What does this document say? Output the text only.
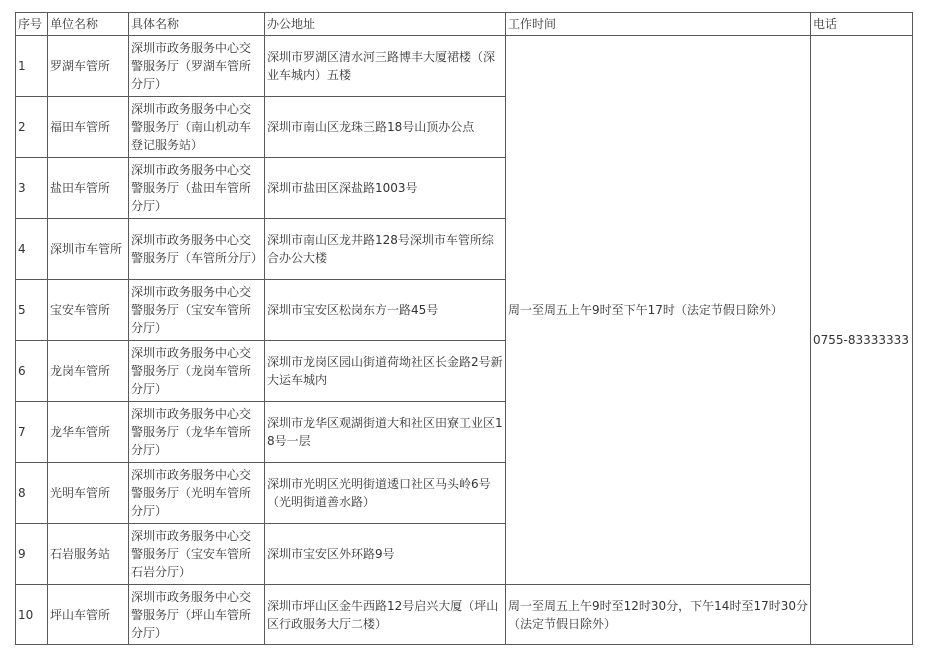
序号	单位名称	具体名称	办公地址	工作时间	电话
1	罗湖车管所	深圳市政务服务中心交警服务厅（罗湖车管所分厅）	深圳市罗湖区清水河三路博丰大厦裙楼（深业车城内）五楼	周一至周五上午9时至下午17时（法定节假日除外）	0755-83333333
2	福田车管所	深圳市政务服务中心交警服务厅（南山机动车登记服务站）	深圳市南山区龙珠三路18号山顶办公点		
3	盐田车管所	深圳市政务服务中心交警服务厅（盐田车管所分厅）	深圳市盐田区深盐路1003号		
4	深圳市车管所	深圳市政务服务中心交警服务厅（车管所分厅）	深圳市南山区龙井路128号深圳市车管所综合办公大楼		
5	宝安车管所	深圳市政务服务中心交警服务厅（宝安车管所分厅）	深圳市宝安区松岗东方一路45号		
6	龙岗车管所	深圳市政务服务中心交警服务厅（龙岗车管所分厅）	深圳市龙岗区园山街道荷坳社区长金路2号新大运车城内		
7	龙华车管所	深圳市政务服务中心交警服务厅（龙华车管所分厅）	深圳市龙华区观湖街道大和社区田寮工业区18号一层		
8	光明车管所	深圳市政务服务中心交警服务厅（光明车管所分厅）	深圳市光明区光明街道逶口社区马头岭6号（光明街道善水路）		
9	石岩服务站	深圳市政务服务中心交警服务厅（宝安车管所石岩分厅）	深圳市宝安区外环路9号		
10	坪山车管所	深圳市政务服务中心交警服务厅（坪山车管所分厅）	深圳市坪山区金牛西路12号启兴大厦（坪山区行政服务大厅二楼）	周一至周五上午9时至12时30分，下午14时至17时30分（法定节假日除外）	
